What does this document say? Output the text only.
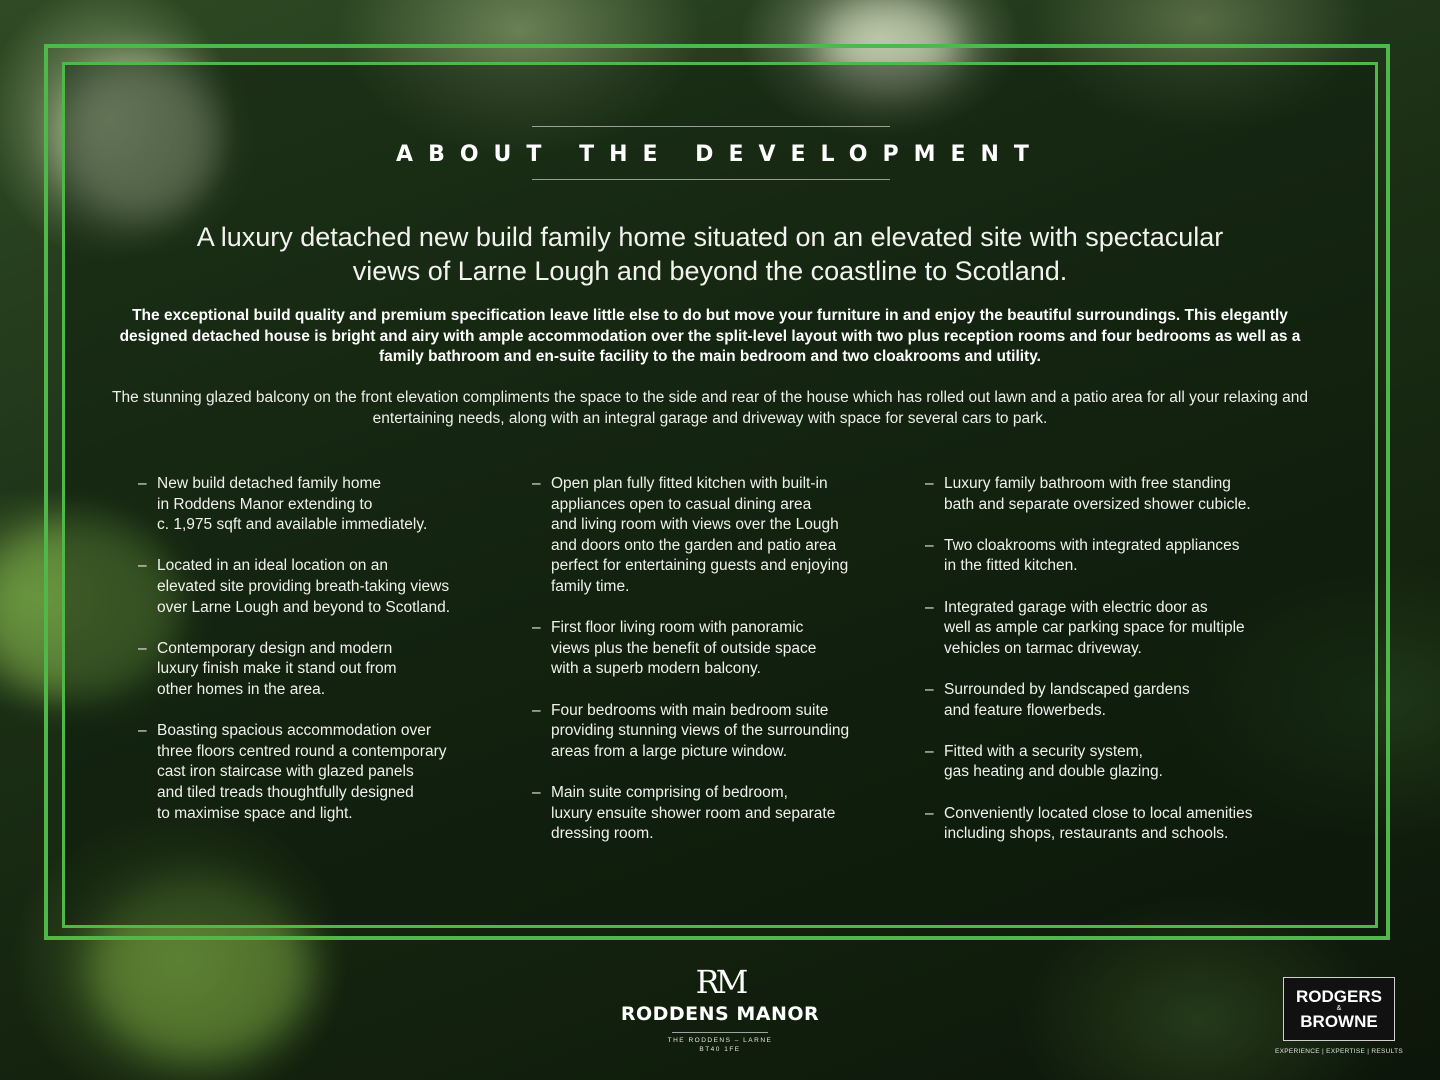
ABOUT THE DEVELOPMENT
A luxury detached new build family home situated on an elevated site with spectacular views of Larne Lough and beyond the coastline to Scotland.
The exceptional build quality and premium specification leave little else to do but move your furniture in and enjoy the beautiful surroundings. This elegantly designed detached house is bright and airy with ample accommodation over the split-level layout with two plus reception rooms and four bedrooms as well as a family bathroom and en-suite facility to the main bedroom and two cloakrooms and utility.
The stunning glazed balcony on the front elevation compliments the space to the side and rear of the house which has rolled out lawn and a patio area for all your relaxing and entertaining needs, along with an integral garage and driveway with space for several cars to park.
– New build detached family home
in Roddens Manor extending to
c. 1,975 sqft and available immediately.
– Located in an ideal location on an
elevated site providing breath-taking views
over Larne Lough and beyond to Scotland.
– Contemporary design and modern
luxury finish make it stand out from
other homes in the area.
– Boasting spacious accommodation over
three floors centred round a contemporary
cast iron staircase with glazed panels
and tiled treads thoughtfully designed
to maximise space and light.
– Open plan fully fitted kitchen with built-in
appliances open to casual dining area
and living room with views over the Lough
and doors onto the garden and patio area
perfect for entertaining guests and enjoying
family time.
– First floor living room with panoramic
views plus the benefit of outside space
with a superb modern balcony.
– Four bedrooms with main bedroom suite
providing stunning views of the surrounding
areas from a large picture window.
– Main suite comprising of bedroom,
luxury ensuite shower room and separate
dressing room.
– Luxury family bathroom with free standing
bath and separate oversized shower cubicle.
– Two cloakrooms with integrated appliances
in the fitted kitchen.
– Integrated garage with electric door as
well as ample car parking space for multiple
vehicles on tarmac driveway.
– Surrounded by landscaped gardens
and feature flowerbeds.
– Fitted with a security system,
gas heating and double glazing.
– Conveniently located close to local amenities
including shops, restaurants and schools.
RM
RODDENS MANOR
THE RODDENS – LARNE
BT40 1FE
RODGERS
&
BROWNE
EXPERIENCE | EXPERTISE | RESULTS
